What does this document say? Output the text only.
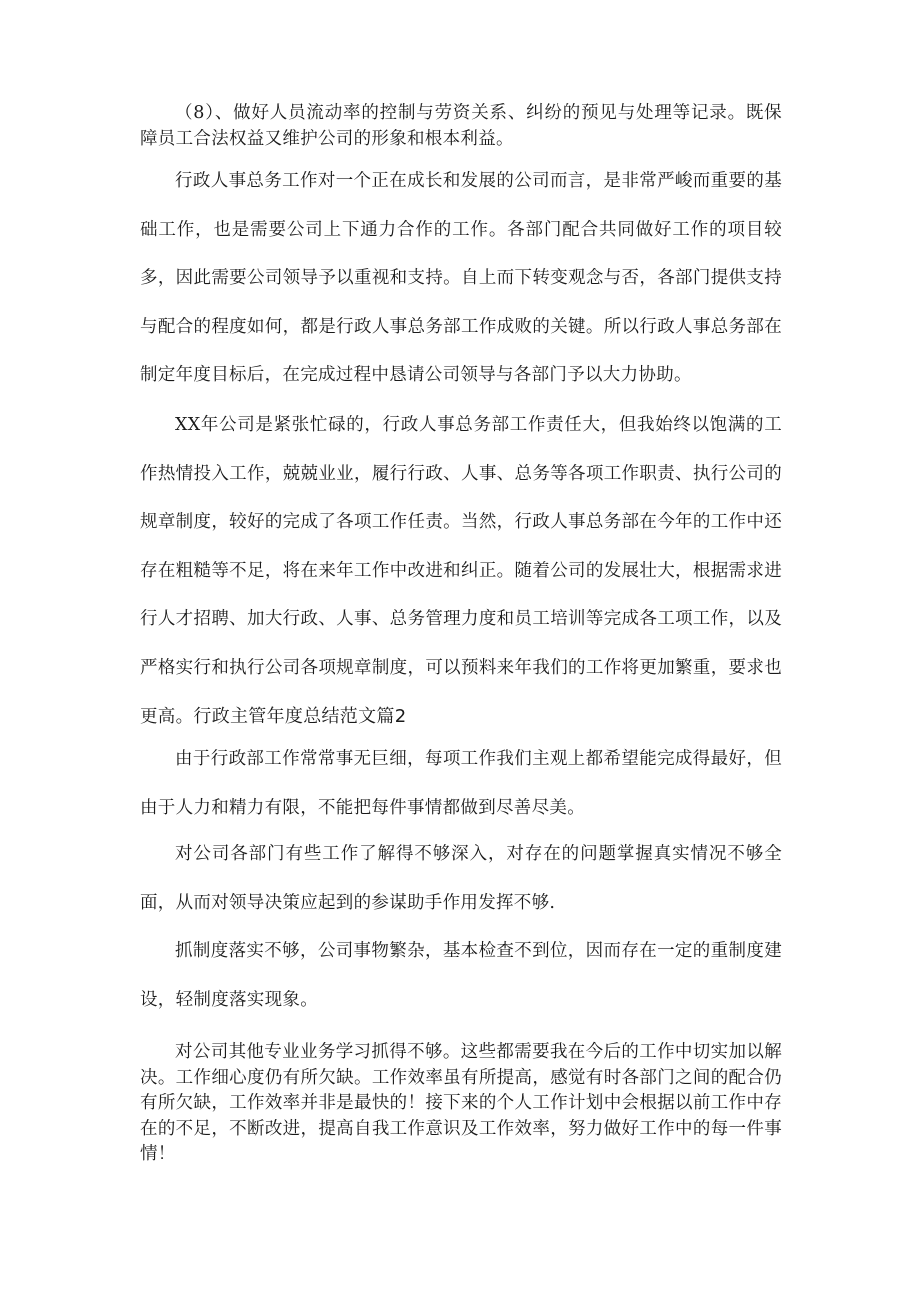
（8）、做好人员流动率的控制与劳资关系、纠纷的预见与处理等记录。既保障员工合法权益又维护公司的形象和根本利益。

行政人事总务工作对一个正在成长和发展的公司而言，是非常严峻而重要的基础工作，也是需要公司上下通力合作的工作。各部门配合共同做好工作的项目较多，因此需要公司领导予以重视和支持。自上而下转变观念与否，各部门提供支持与配合的程度如何，都是行政人事总务部工作成败的关键。所以行政人事总务部在制定年度目标后，在完成过程中恳请公司领导与各部门予以大力协助。

XX年公司是紧张忙碌的，行政人事总务部工作责任大，但我始终以饱满的工作热情投入工作，兢兢业业，履行行政、人事、总务等各项工作职责、执行公司的规章制度，较好的完成了各项工作任责。当然，行政人事总务部在今年的工作中还存在粗糙等不足，将在来年工作中改进和纠正。随着公司的发展壮大，根据需求进行人才招聘、加大行政、人事、总务管理力度和员工培训等完成各工项工作，以及严格实行和执行公司各项规章制度，可以预料来年我们的工作将更加繁重，要求也更高。行政主管年度总结范文篇2

由于行政部工作常常事无巨细，每项工作我们主观上都希望能完成得最好，但由于人力和精力有限，不能把每件事情都做到尽善尽美。

对公司各部门有些工作了解得不够深入，对存在的问题掌握真实情况不够全面，从而对领导决策应起到的参谋助手作用发挥不够.

抓制度落实不够，公司事物繁杂，基本检查不到位，因而存在一定的重制度建设，轻制度落实现象。

对公司其他专业业务学习抓得不够。这些都需要我在今后的工作中切实加以解决。工作细心度仍有所欠缺。工作效率虽有所提高，感觉有时各部门之间的配合仍有所欠缺，工作效率并非是最快的！接下来的个人工作计划中会根据以前工作中存在的不足，不断改进，提高自我工作意识及工作效率，努力做好工作中的每一件事情！
